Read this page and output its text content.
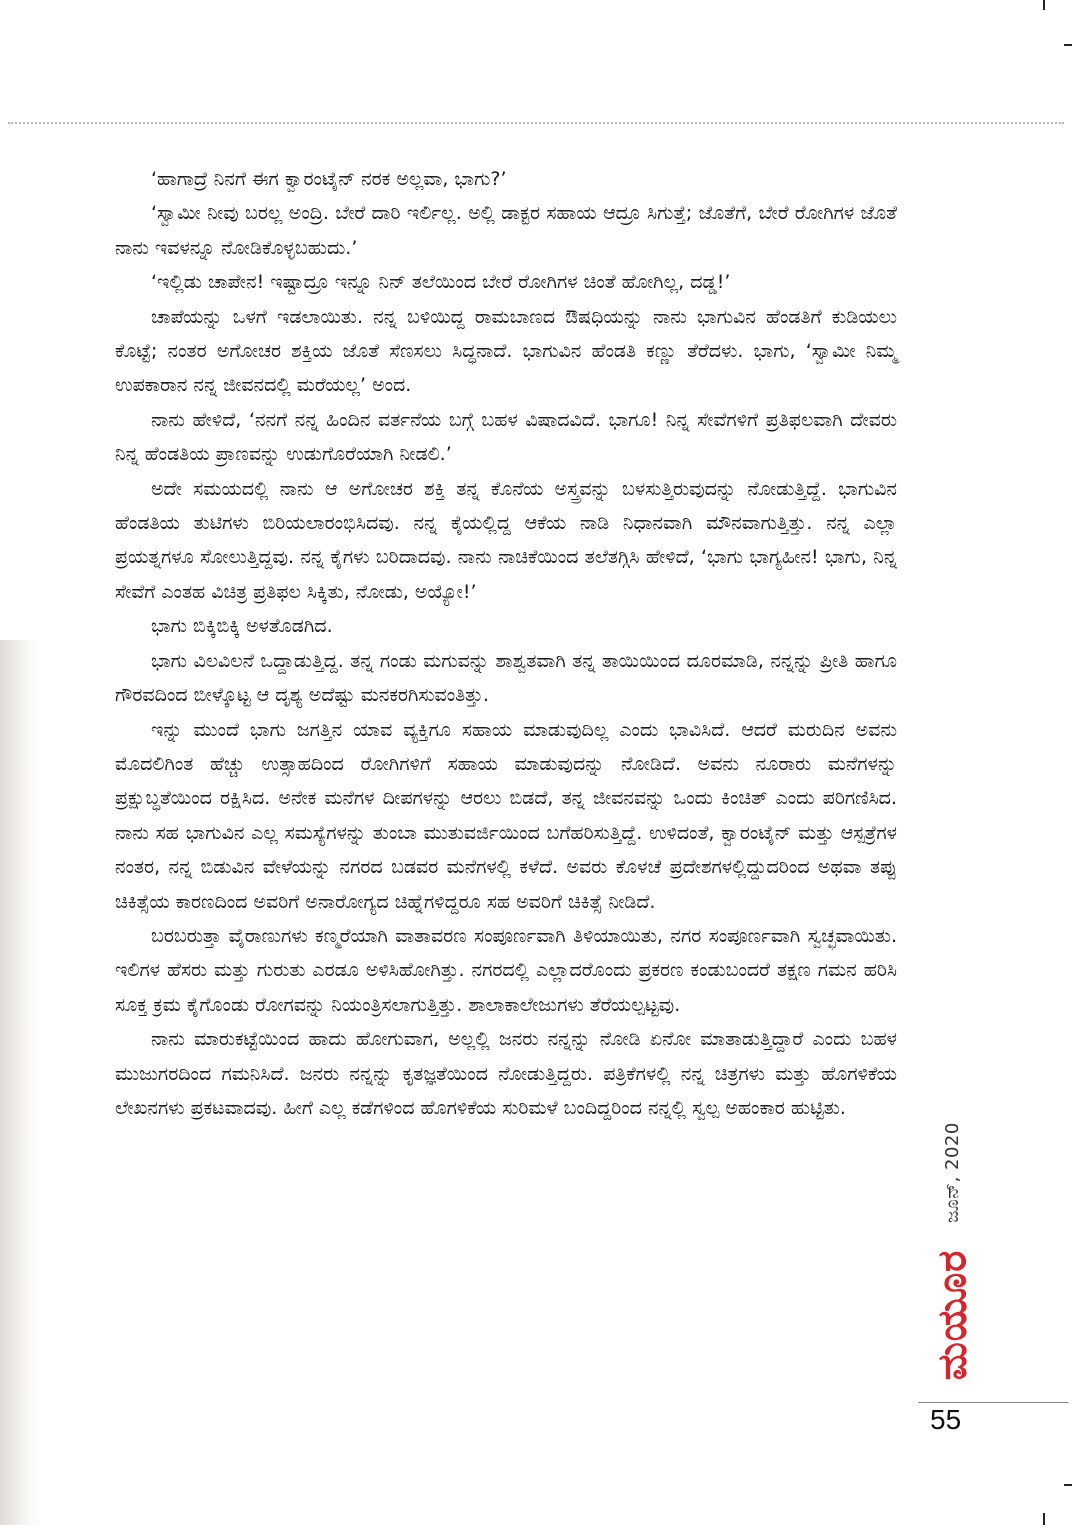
‘ಹಾಗಾದ್ರೆ ನಿನಗೆ ಈಗ ಕ್ವಾರಂಟೈನ್ ನರಕ ಅಲ್ಲವಾ, ಭಾಗು?’

‘ಸ್ವಾಮೀ ನೀವು ಬರಲ್ಲ ಅಂದ್ರಿ. ಬೇರೆ ದಾರಿ ಇರ್ಲಿಲ್ಲ. ಅಲ್ಲಿ ಡಾಕ್ಟರ ಸಹಾಯ ಆದ್ರೂ ಸಿಗುತ್ತೆ; ಜೊತೆಗೆ, ಬೇರೆ ರೋಗಿಗಳ ಜೊತೆ ನಾನು ಇವಳನ್ನೂ ನೋಡಿಕೊಳ್ಳಬಹುದು.’

‘ಇಲ್ಲಿಡು ಚಾಪೇನ! ಇಷ್ಟಾದ್ರೂ ಇನ್ನೂ ನಿನ್ ತಲೆಯಿಂದ ಬೇರೆ ರೋಗಿಗಳ ಚಿಂತೆ ಹೋಗಿಲ್ಲ, ದಡ್ಡ!’

ಚಾಪೆಯನ್ನು ಒಳಗೆ ಇಡಲಾಯಿತು. ನನ್ನ ಬಳಿಯಿದ್ದ ರಾಮಬಾಣದ ಔಷಧಿಯನ್ನು ನಾನು ಭಾಗುವಿನ ಹೆಂಡತಿಗೆ ಕುಡಿಯಲು ಕೊಟ್ಟೆ; ನಂತರ ಅಗೋಚರ ಶಕ್ತಿಯ ಜೊತೆ ಸೆಣಸಲು ಸಿದ್ಧನಾದೆ. ಭಾಗುವಿನ ಹೆಂಡತಿ ಕಣ್ಣು ತೆರೆದಳು. ಭಾಗು, ‘ಸ್ವಾಮೀ ನಿಮ್ಮ ಉಪಕಾರಾನ ನನ್ನ ಜೀವನದಲ್ಲಿ ಮರೆಯಲ್ಲ’ ಅಂದ.

ನಾನು ಹೇಳಿದೆ, ‘ನನಗೆ ನನ್ನ ಹಿಂದಿನ ವರ್ತನೆಯ ಬಗ್ಗೆ ಬಹಳ ವಿಷಾದವಿದೆ. ಭಾಗೂ! ನಿನ್ನ ಸೇವೆಗಳಿಗೆ ಪ್ರತಿಫಲವಾಗಿ ದೇವರು ನಿನ್ನ ಹೆಂಡತಿಯ ಪ್ರಾಣವನ್ನು ಉಡುಗೊರೆಯಾಗಿ ನೀಡಲಿ.’

ಅದೇ ಸಮಯದಲ್ಲಿ ನಾನು ಆ ಅಗೋಚರ ಶಕ್ತಿ ತನ್ನ ಕೊನೆಯ ಅಸ್ತ್ರವನ್ನು ಬಳಸುತ್ತಿರುವುದನ್ನು ನೋಡುತ್ತಿದ್ದೆ. ಭಾಗುವಿನ ಹೆಂಡತಿಯ ತುಟಿಗಳು ಬಿರಿಯಲಾರಂಭಿಸಿದವು. ನನ್ನ ಕೈಯಲ್ಲಿದ್ದ ಆಕೆಯ ನಾಡಿ ನಿಧಾನವಾಗಿ ಮೌನವಾಗುತ್ತಿತ್ತು. ನನ್ನ ಎಲ್ಲಾ ಪ್ರಯತ್ನಗಳೂ ಸೋಲುತ್ತಿದ್ದವು. ನನ್ನ ಕೈಗಳು ಬರಿದಾದವು. ನಾನು ನಾಚಿಕೆಯಿಂದ ತಲೆತಗ್ಗಿಸಿ ಹೇಳಿದೆ, ‘ಭಾಗು ಭಾಗ್ಯಹೀನ! ಭಾಗು, ನಿನ್ನ ಸೇವೆಗೆ ಎಂತಹ ವಿಚಿತ್ರ ಪ್ರತಿಫಲ ಸಿಕ್ಕಿತು, ನೋಡು, ಅಯ್ಯೋ!’

ಭಾಗು ಬಿಕ್ಕಿಬಿಕ್ಕಿ ಅಳತೊಡಗಿದ.

ಭಾಗು ವಿಲವಿಲನೆ ಒದ್ದಾಡುತ್ತಿದ್ದ. ತನ್ನ ಗಂಡು ಮಗುವನ್ನು ಶಾಶ್ವತವಾಗಿ ತನ್ನ ತಾಯಿಯಿಂದ ದೂರಮಾಡಿ, ನನ್ನನ್ನು ಪ್ರೀತಿ ಹಾಗೂ ಗೌರವದಿಂದ ಬೀಳ್ಕೊಟ್ಟ ಆ ದೃಶ್ಯ ಅದೆಷ್ಟು ಮನಕರಗಿಸುವಂತಿತ್ತು.

ಇನ್ನು ಮುಂದೆ ಭಾಗು ಜಗತ್ತಿನ ಯಾವ ವ್ಯಕ್ತಿಗೂ ಸಹಾಯ ಮಾಡುವುದಿಲ್ಲ ಎಂದು ಭಾವಿಸಿದೆ. ಆದರೆ ಮರುದಿನ ಅವನು ಮೊದಲಿಗಿಂತ ಹೆಚ್ಚು ಉತ್ಸಾಹದಿಂದ ರೋಗಿಗಳಿಗೆ ಸಹಾಯ ಮಾಡುವುದನ್ನು ನೋಡಿದೆ. ಅವನು ನೂರಾರು ಮನೆಗಳನ್ನು ಪ್ರಕ್ಷುಬ್ಧತೆಯಿಂದ ರಕ್ಷಿಸಿದ. ಅನೇಕ ಮನೆಗಳ ದೀಪಗಳನ್ನು ಆರಲು ಬಿಡದೆ, ತನ್ನ ಜೀವನವನ್ನು ಒಂದು ಕಿಂಚಿತ್ ಎಂದು ಪರಿಗಣಿಸಿದ. ನಾನು ಸಹ ಭಾಗುವಿನ ಎಲ್ಲ ಸಮಸ್ಯೆಗಳನ್ನು ತುಂಬಾ ಮುತುವರ್ಜಿಯಿಂದ ಬಗೆಹರಿಸುತ್ತಿದ್ದೆ. ಉಳಿದಂತೆ, ಕ್ವಾರಂಟೈನ್ ಮತ್ತು ಆಸ್ಪತ್ರೆಗಳ ನಂತರ, ನನ್ನ ಬಿಡುವಿನ ವೇಳೆಯನ್ನು ನಗರದ ಬಡವರ ಮನೆಗಳಲ್ಲಿ ಕಳೆದೆ. ಅವರು ಕೊಳಚೆ ಪ್ರದೇಶಗಳಲ್ಲಿದ್ದುದರಿಂದ ಅಥವಾ ತಪ್ಪು ಚಿಕಿತ್ಸೆಯ ಕಾರಣದಿಂದ ಅವರಿಗೆ ಅನಾರೋಗ್ಯದ ಚಿಹ್ನೆಗಳಿದ್ದರೂ ಸಹ ಅವರಿಗೆ ಚಿಕಿತ್ಸೆ ನೀಡಿದೆ.

ಬರಬರುತ್ತಾ ವೈರಾಣುಗಳು ಕಣ್ಮರೆಯಾಗಿ ವಾತಾವರಣ ಸಂಪೂರ್ಣವಾಗಿ ತಿಳಿಯಾಯಿತು, ನಗರ ಸಂಪೂರ್ಣವಾಗಿ ಸ್ವಚ್ಛವಾಯಿತು. ಇಲಿಗಳ ಹೆಸರು ಮತ್ತು ಗುರುತು ಎರಡೂ ಅಳಿಸಿಹೋಗಿತ್ತು. ನಗರದಲ್ಲಿ ಎಲ್ಲಾದರೊಂದು ಪ್ರಕರಣ ಕಂಡುಬಂದರೆ ತಕ್ಷಣ ಗಮನ ಹರಿಸಿ ಸೂಕ್ತ ಕ್ರಮ ಕೈಗೊಂಡು ರೋಗವನ್ನು ನಿಯಂತ್ರಿಸಲಾಗುತ್ತಿತ್ತು. ಶಾಲಾಕಾಲೇಜುಗಳು ತೆರೆಯಲ್ಪಟ್ಟವು.

ನಾನು ಮಾರುಕಟ್ಟೆಯಿಂದ ಹಾದು ಹೋಗುವಾಗ, ಅಲ್ಲಲ್ಲಿ ಜನರು ನನ್ನನ್ನು ನೋಡಿ ಏನೋ ಮಾತಾಡುತ್ತಿದ್ದಾರೆ ಎಂದು ಬಹಳ ಮುಜುಗರದಿಂದ ಗಮನಿಸಿದೆ. ಜನರು ನನ್ನನ್ನು ಕೃತಜ್ಞತೆಯಿಂದ ನೋಡುತ್ತಿದ್ದರು. ಪತ್ರಿಕೆಗಳಲ್ಲಿ ನನ್ನ ಚಿತ್ರಗಳು ಮತ್ತು ಹೊಗಳಿಕೆಯ ಲೇಖನಗಳು ಪ್ರಕಟವಾದವು. ಹೀಗೆ ಎಲ್ಲ ಕಡೆಗಳಿಂದ ಹೊಗಳಿಕೆಯ ಸುರಿಮಳೆ ಬಂದಿದ್ದರಿಂದ ನನ್ನಲ್ಲಿ ಸ್ವಲ್ಪ ಅಹಂಕಾರ ಹುಟ್ಟಿತು.

ಜೂನ್, 2020
ಮಯೂರ
55
